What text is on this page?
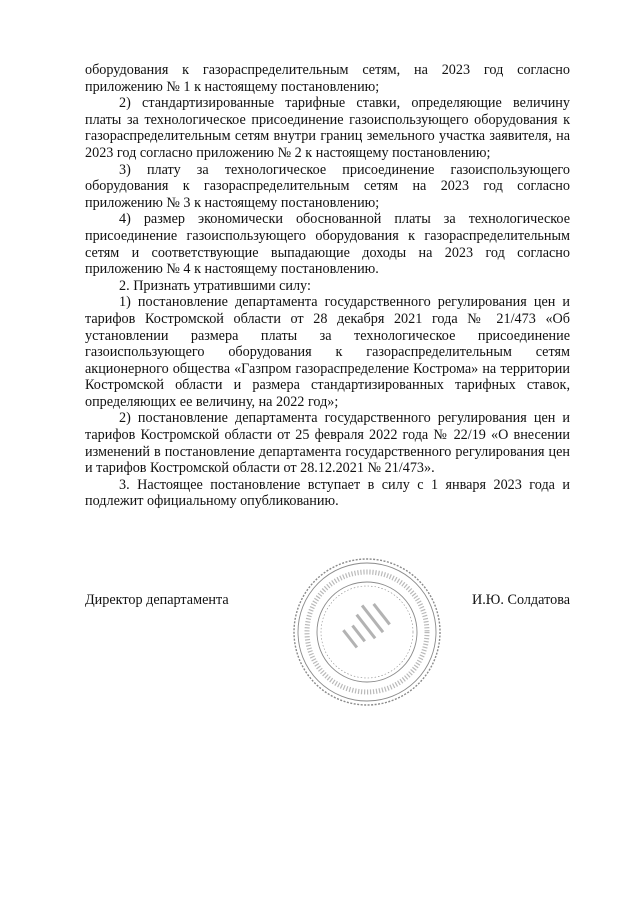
оборудования к газораспределительным сетям, на 2023 год согласно приложению № 1 к настоящему постановлению;

2) стандартизированные тарифные ставки, определяющие величину платы за технологическое присоединение газоиспользующего оборудования к газораспределительным сетям внутри границ земельного участка заявителя, на 2023 год согласно приложению № 2 к настоящему постановлению;

3) плату за технологическое присоединение газоиспользующего оборудования к газораспределительным сетям на 2023 год согласно приложению № 3 к настоящему постановлению;

4) размер экономически обоснованной платы за технологическое присоединение газоиспользующего оборудования к газораспределительным сетям и соответствующие выпадающие доходы на 2023 год согласно приложению № 4 к настоящему постановлению.

2. Признать утратившими силу:

1) постановление департамента государственного регулирования цен и тарифов Костромской области от 28 декабря 2021 года № 21/473 «Об установлении размера платы за технологическое присоединение газоиспользующего оборудования к газораспределительным сетям акционерного общества «Газпром газораспределение Кострома» на территории Костромской области и размера стандартизированных тарифных ставок, определяющих ее величину, на 2022 год»;

2) постановление департамента государственного регулирования цен и тарифов Костромской области от 25 февраля 2022 года № 22/19 «О внесении изменений в постановление департамента государственного регулирования цен и тарифов Костромской области от 28.12.2021 № 21/473».

3. Настоящее постановление вступает в силу с 1 января 2023 года и подлежит официальному опубликованию.

Директор департамента	И.Ю. Солдатова
